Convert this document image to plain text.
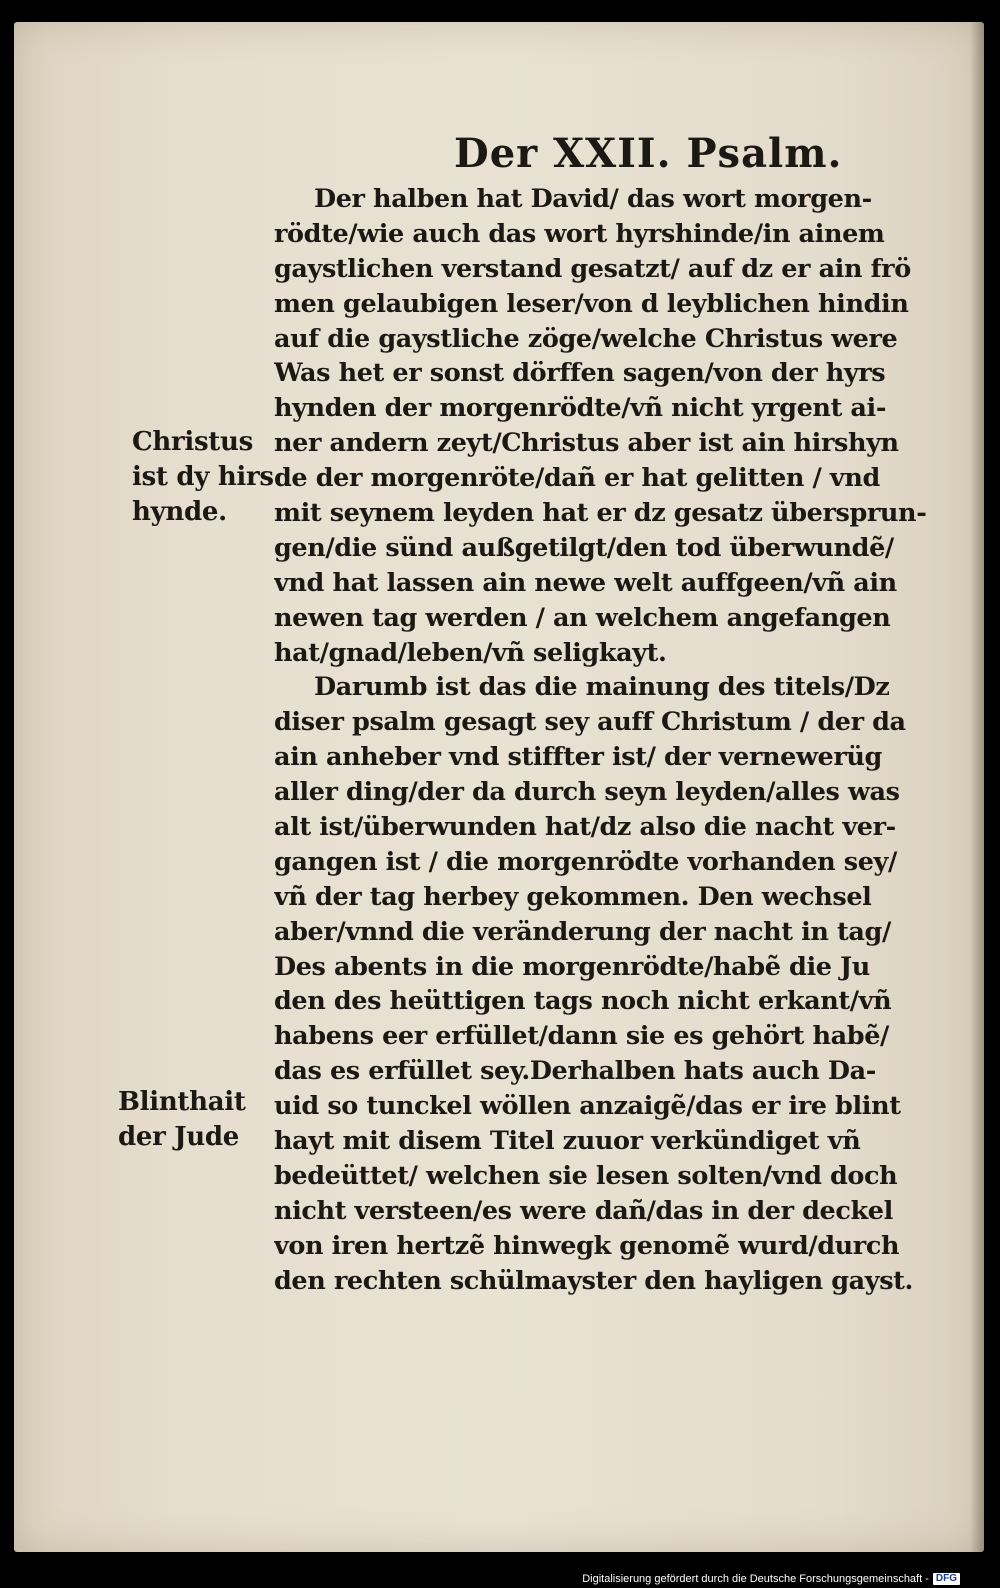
Der XXII. Psalm.
Der halben hat David/ das wort morgen-
rödte/wie auch das wort hyrshinde/in ainem
gaystlichen verstand gesatzt/ auf dz er ain frö
men gelaubigen leser/von d leyblichen hindin
auf die gaystliche zöge/welche Christus were
Was het er sonst dörffen sagen/von der hyrs
hynden der morgenrödte/vñ nicht yrgent ai-
ner andern zeyt/Christus aber ist ain hirshyn
de der morgenröte/dañ er hat gelitten / vnd
mit seynem leyden hat er dz gesatz übersprun-
gen/die sünd außgetilgt/den tod überwundẽ/
vnd hat lassen ain newe welt auffgeen/vñ ain
newen tag werden / an welchem angefangen
hat/gnad/leben/vñ seligkayt.
Darumb ist das die mainung des titels/Dz
diser psalm gesagt sey auff Christum / der da
ain anheber vnd stiffter ist/ der vernewerüg
aller ding/der da durch seyn leyden/alles was
alt ist/überwunden hat/dz also die nacht ver-
gangen ist / die morgenrödte vorhanden sey/
vñ der tag herbey gekommen. Den wechsel
aber/vnnd die veränderung der nacht in tag/
Des abents in die morgenrödte/habẽ die Ju
den des heüttigen tags noch nicht erkant/vñ
habens eer erfüllet/dann sie es gehört habẽ/
das es erfüllet sey.Derhalben hats auch Da-
uid so tunckel wöllen anzaigẽ/das er ire blint
hayt mit disem Titel zuuor verkündiget vñ
bedeüttet/ welchen sie lesen solten/vnd doch
nicht versteen/es were dañ/das in der deckel
von iren hertzẽ hinwegk genomẽ wurd/durch
den rechten schülmayster den hayligen gayst.
Christus
ist dy hirs
hynde.
Blinthait
der Jude
Digitalisierung gefördert durch die Deutsche Forschungsgemeinschaft - DFG
